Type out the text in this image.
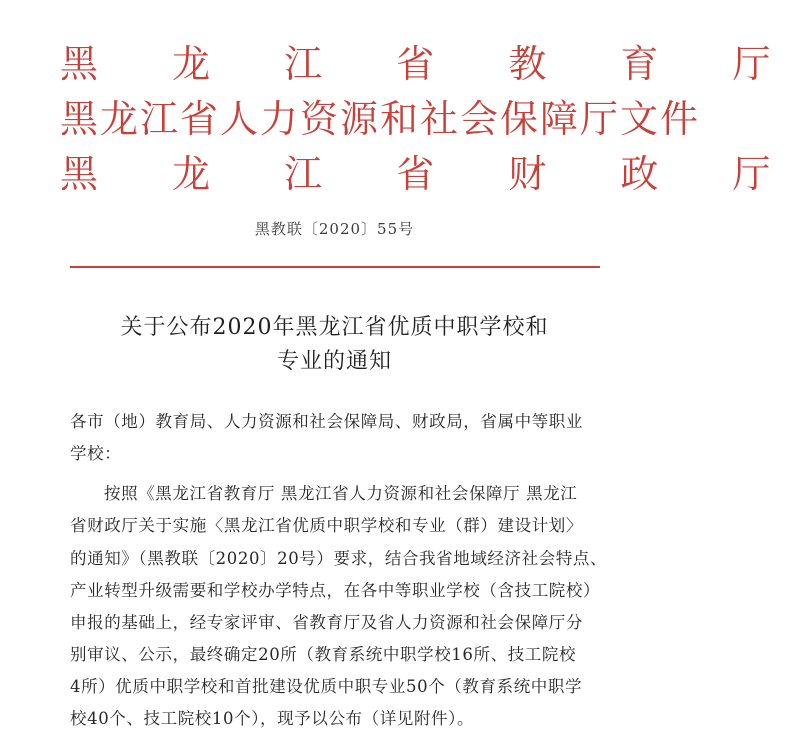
黑 龙 江 省 教 育 厅
黑龙江省人力资源和社会保障厅文件
黑 龙 江 省 财 政 厅
黑教联〔2020〕55号
关于公布2020年黑龙江省优质中职学校和
专业的通知
各市（地）教育局、人力资源和社会保障局、财政局，省属中等职业
学校：
按照《黑龙江省教育厅 黑龙江省人力资源和社会保障厅 黑龙江
省财政厅关于实施〈黑龙江省优质中职学校和专业（群）建设计划〉
的通知》（黑教联〔2020〕20号）要求，结合我省地域经济社会特点、
产业转型升级需要和学校办学特点，在各中等职业学校（含技工院校）
申报的基础上，经专家评审、省教育厅及省人力资源和社会保障厅分
别审议、公示，最终确定20所（教育系统中职学校16所、技工院校
4所）优质中职学校和首批建设优质中职专业50个（教育系统中职学
校40个、技工院校10个），现予以公布（详见附件）。
